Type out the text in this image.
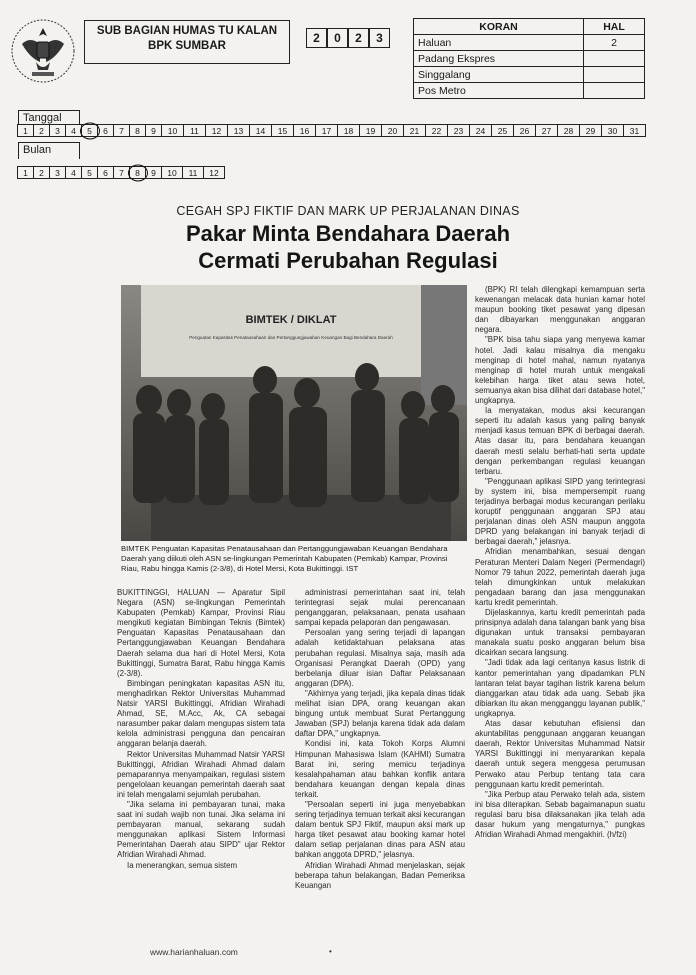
SUB BAGIAN HUMAS TU KALAN
BPK SUMBAR
2	0	2	3
KORAN	HAL
Haluan	2
Padang Ekspres	
Singgalang	
Pos Metro	
Tanggal
1	2	3	4	5	6	7	8	9	10	11	12	13	14	15	16	17	18	19	20	21	22	23	24	25	26	27	28	29	30	31
Bulan
1	2	3	4	5	6	7	8	9	10	11	12
CEGAH SPJ FIKTIF DAN MARK UP PERJALANAN DINAS
Pakar Minta Bendahara Daerah
Cermati Perubahan Regulasi
BIMTEK / DIKLAT
Penguatan Kapasitas Penatausahaan dan Pertanggungjawaban Keuangan Bagi Bendahara Daerah
BIMTEK Penguatan Kapasitas Penatausahaan dan Pertanggungjawaban Keuangan Bendahara Daerah yang diikuti oleh ASN se-lingkungan Pemerintah Kabupaten (Pemkab) Kampar, Provinsi Riau, Rabu hingga Kamis (2-3/8), di Hotel Mersi, Kota Bukittinggi. IST

BUKITTINGGI, HALUAN — Aparatur Sipil Negara (ASN) se-lingkungan Pemerintah Kabupaten (Pemkab) Kampar, Provinsi Riau mengikuti kegiatan Bimbingan Teknis (Bimtek) Penguatan Kapasitas Penatausahaan dan Pertanggungjawaban Keuangan Bendahara Daerah selama dua hari di Hotel Mersi, Kota Bukittinggi, Sumatra Barat, Rabu hingga Kamis (2-3/8).

Bimbingan peningkatan kapasitas ASN itu, menghadirkan Rektor Universitas Muhammad Natsir YARSI Bukittinggi, Afridian Wirahadi Ahmad, SE, M.Acc, Ak, CA sebagai narasumber pakar dalam mengupas sistem tata kelola administrasi pengguna dan pencairan anggaran belanja daerah.

Rektor Universitas Muhammad Natsir YARSI Bukittinggi, Afridian Wirahadi Ahmad dalam pemaparannya menyampaikan, regulasi sistem pengelolaan keuangan pemerintah daerah saat ini telah mengalami sejumlah perubahan.

"Jika selama ini pembayaran tunai, maka saat ini sudah wajib non tunai. Jika selama ini pembayaran manual, sekarang sudah menggunakan aplikasi Sistem Informasi Pemerintahan Daerah atau SIPD" ujar Rektor Afridian Wirahadi Ahmad.

Ia menerangkan, semua sistem

administrasi pemerintahan saat ini, telah terintegrasi sejak mulai perencanaan penganggaran, pelaksanaan, penata usahaan sampai kepada pelaporan dan pengawasan.

Persoalan yang sering terjadi di lapangan adalah ketidaktahuan pelaksana atas perubahan regulasi. Misalnya saja, masih ada Organisasi Perangkat Daerah (OPD) yang berbelanja diluar isian Daftar Pelaksanaan anggaran (DPA).

"Akhirnya yang terjadi, jika kepala dinas tidak melihat isian DPA, orang keuangan akan bingung untuk membuat Surat Pertanggung Jawaban (SPJ) belanja karena tidak ada dalam daftar DPA," ungkapnya.

Kondisi ini, kata Tokoh Korps Alumni Himpunan Mahasiswa Islam (KAHMI) Sumatra Barat ini, sering memicu terjadinya kesalahpahaman atau bahkan konflik antara bendahara keuangan dengan kepala dinas terkait.

"Persoalan seperti ini juga menyebabkan sering terjadinya temuan terkait aksi kecurangan dalam bentuk SPJ Fiktif, maupun aksi mark up harga tiket pesawat atau booking kamar hotel dalam setiap perjalanan dinas para ASN atau bahkan anggota DPRD," jelasnya.

Afridian Wirahadi Ahmad menjelaskan, sejak beberapa tahun belakangan, Badan Pemeriksa Keuangan

(BPK) RI telah dilengkapi kemampuan serta kewenangan melacak data hunian kamar hotel maupun booking tiket pesawat yang dipesan dan dibayarkan menggunakan anggaran negara.

"BPK bisa tahu siapa yang menyewa kamar hotel. Jadi kalau misalnya dia mengaku menginap di hotel mahal, namun nyatanya menginap di hotel murah untuk mengakali kelebihan harga tiket atau sewa hotel, semuanya akan bisa dilihat dari database hotel," ungkapnya.

Ia menyatakan, modus aksi kecurangan seperti itu adalah kasus yang paling banyak menjadi kasus temuan BPK di berbagai daerah. Atas dasar itu, para bendahara keuangan daerah mesti selalu berhati-hati serta update dengan perkembangan regulasi keuangan terbaru.

"Penggunaan aplikasi SIPD yang terintegrasi by system ini, bisa mempersempit ruang terjadinya berbagai modus kecurangan perilaku koruptif penggunaan anggaran SPJ atau perjalanan dinas oleh ASN maupun anggota DPRD yang belakangan ini banyak terjadi di berbagai daerah," jelasnya.

Afridian menambahkan, sesuai dengan Peraturan Menteri Dalam Negeri (Permendagri) Nomor 79 tahun 2022, pemerintah daerah juga telah dimungkinkan untuk melakukan pengadaan barang dan jasa menggunakan kartu kredit pemerintah.

Dijelaskannya, kartu kredit pemerintah pada prinsipnya adalah dana talangan bank yang bisa digunakan untuk transaksi pembayaran manakala suatu posko anggaran belum bisa dicairkan secara langsung.

"Jadi tidak ada lagi ceritanya kasus listrik di kantor pemerintahan yang dipadamkan PLN lantaran telat bayar tagihan listrik karena belum dianggarkan atau tidak ada uang. Sebab jika dibiarkan itu akan mengganggu layanan publik," ungkapnya.

Atas dasar kebutuhan efisiensi dan akuntabilitas penggunaan anggaran keuangan daerah, Rektor Universitas Muhammad Natsir YARSI Bukittinggi ini menyarankan kepala daerah untuk segera menggesa perumusan Perwako atau Perbup tentang tata cara penggunaan kartu kredit pemerintah.

"Jika Perbup atau Perwako telah ada, sistem ini bisa diterapkan. Sebab bagaimanapun suatu regulasi baru bisa dilaksanakan jika telah ada dasar hukum yang mengaturnya," pungkas Afridian Wirahadi Ahmad mengakhiri. (h/fzi)

www.harianhaluan.com	•
